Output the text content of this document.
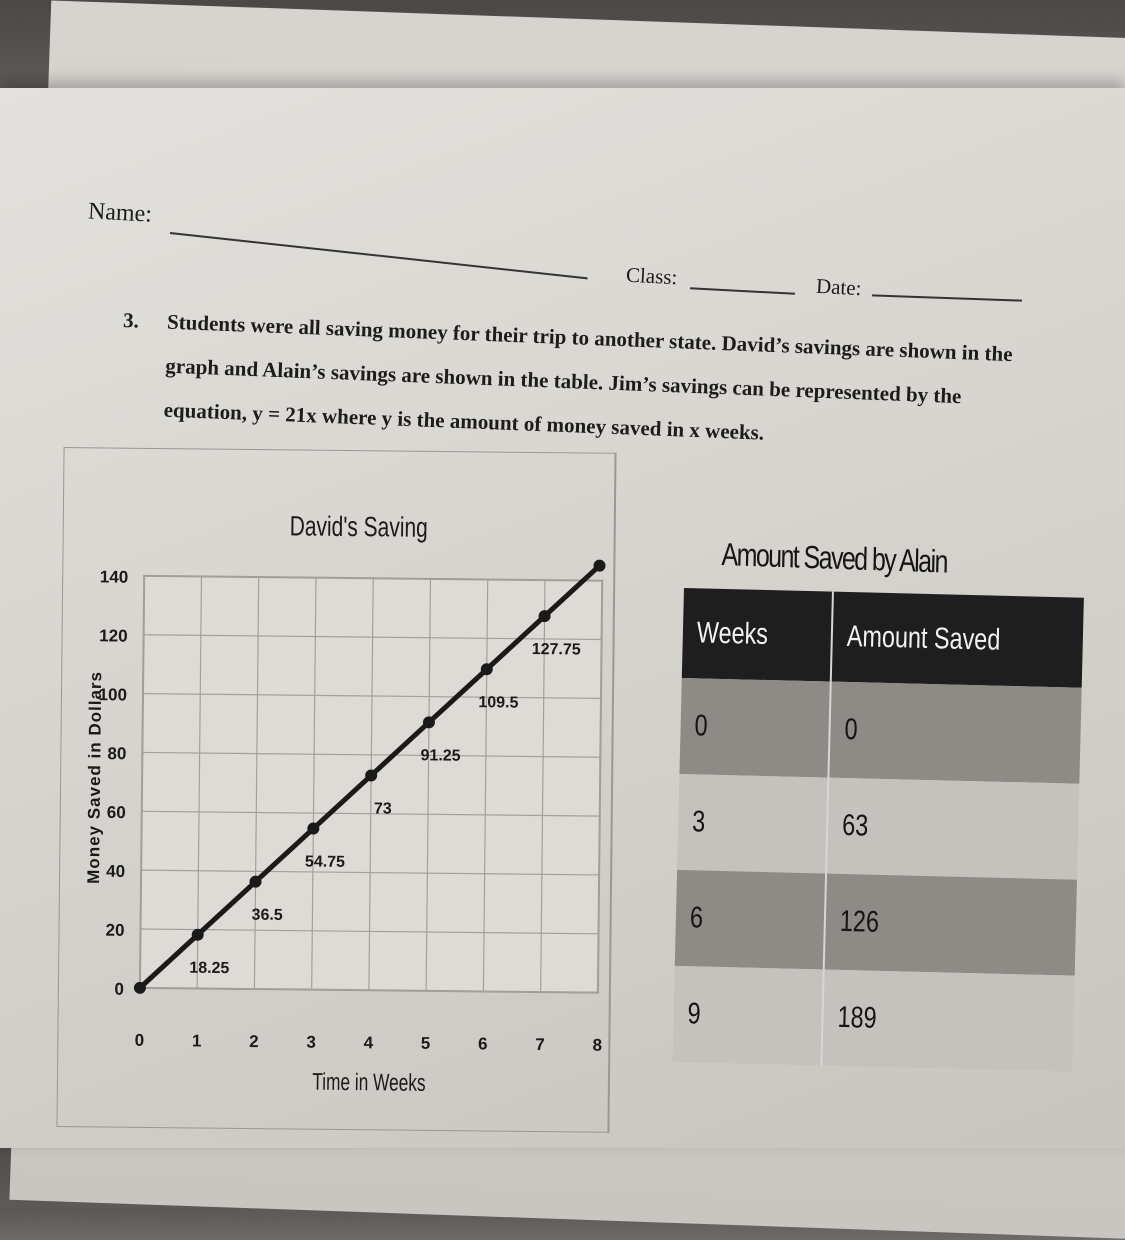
Name:
Class:	Date:
3. Students were all saving money for their trip to another state. David’s savings are shown in the graph and Alain’s savings are shown in the table. Jim’s savings can be represented by the equation, y = 21x where y is the amount of money saved in x weeks.
David's Saving
0
20
40
60
80
100
120
140
0	1	2	3	4	5	6	7	8
Time in Weeks
Money Saved in Dollars
18.25
36.5
54.75
73
91.25
109.5
127.75
Amount Saved by Alain
Weeks	Amount Saved
0	0
3	63
6	126
9	189
